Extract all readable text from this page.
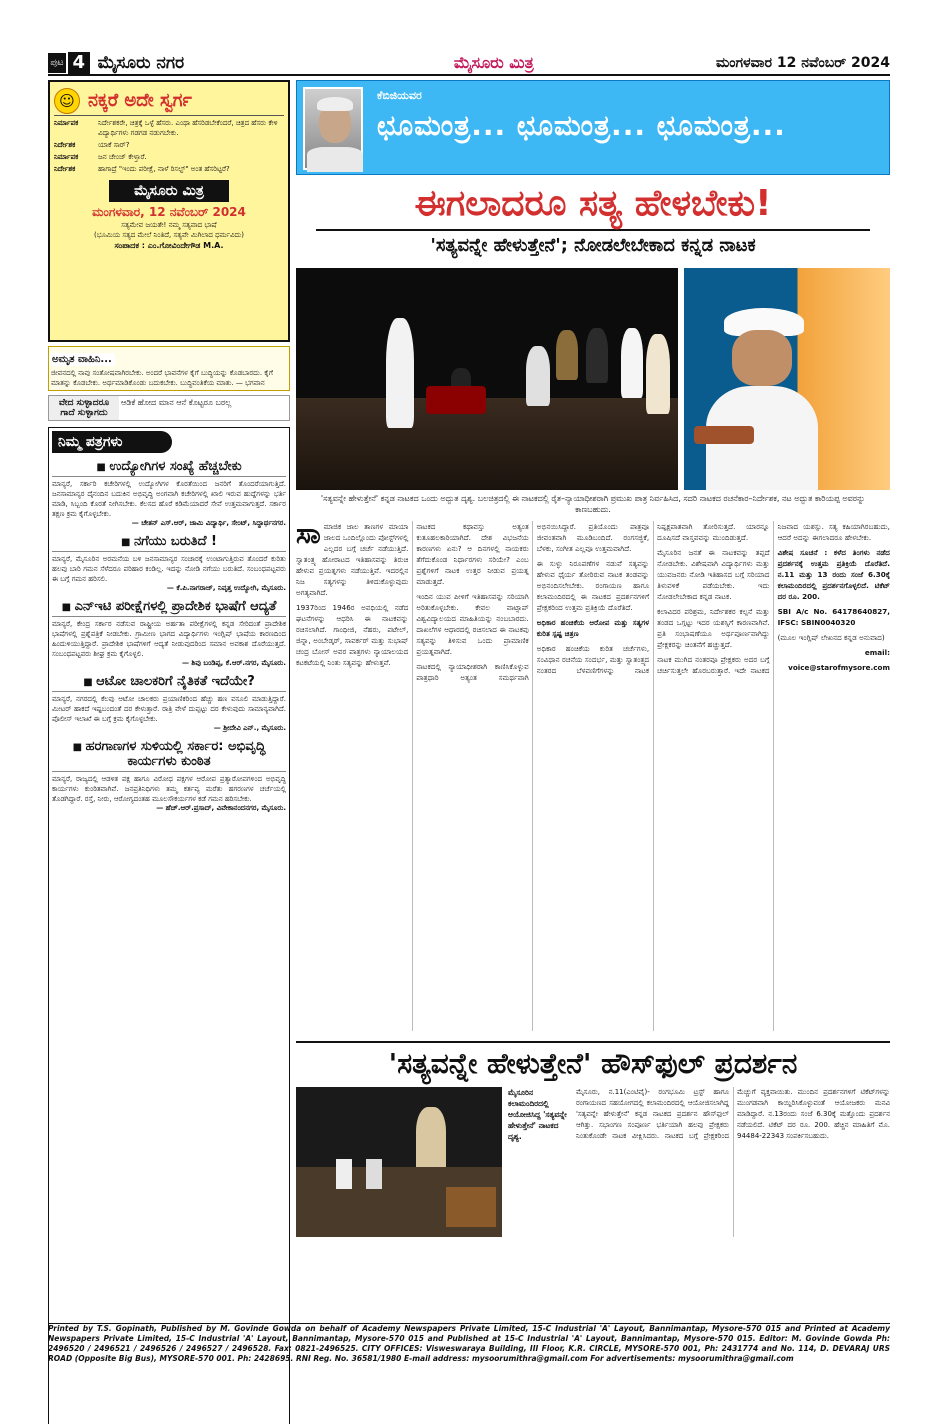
ಪುಟ 4 ಮೈಸೂರು ನಗರ	ಮೈಸೂರು ಮಿತ್ರ	ಮಂಗಳವಾರ 12 ನವೆಂಬರ್ 2024
☺ ನಕ್ಕರೆ ಅದೇ ಸ್ವರ್ಗ
ನಿರ್ಮಾಪಕ	ನಿರ್ದೇಶಕರೇ, ಚಿತ್ರಕ್ಕೆ ಒಳ್ಳೆ ಹೆಸರು. ಎಂಥಾ ಹೆಸರಿಡಬೇಕೆಂದರೆ, ಚಿತ್ರದ ಹೆಸರು ಕೇಳಿ ವಿದ್ಯಾರ್ಥಿಗಳು ಗಡಗಡ ನಡುಗಬೇಕು.
ನಿರ್ದೇಶಕ	ಯಾಕೆ ಸಾರ್?
ನಿರ್ಮಾಪಕ	ಜನ ಚೇಂಜ್ ಕೇಳ್ತಾರೆ.
ನಿರ್ದೇಶಕ	ಹಾಗಾದ್ರೆ "ಇಂದು ಪರೀಕ್ಷೆ, ನಾಳೆ ರಿಸಲ್ಟ್" ಅಂತ ಹೆಸರಿಟ್ಟರೆ?
ಮೈಸೂರು ಮಿತ್ರ
ಮಂಗಳವಾರ, 12 ನವೆಂಬರ್ 2024
ಸತ್ಯಮೇವ ಜಯತೇ! ನಮ್ಮ ಸತ್ಯವಾದ ಭಾಷೆ
(ಭೂಮಿಯ ಸತ್ಯದ ಮೇಲೆ ನಿಂತಿದೆ, ಸತ್ಯವೇ ಮಿಗಿಲಾದ ಧರ್ಮವಿದು)
ಸಂಪಾದಕ : ಎಂ.ಗೋವಿಂದೇಗೌಡ M.A.
ಅಮೃತ ವಾಹಿನಿ...
ಜೀವನದಲ್ಲಿ ನಾವು ಸಂತೋಷವಾಗಿರಬೇಕು. ಅಂದರೆ ಭಾವನೆಗಳ ಕೈಗೆ ಬುದ್ಧಿಯನ್ನು ಕೊಡಬಾರದು. ಕೈಗೆ ಮಾತನ್ನು ಕೊಡಬೇಕು. ಅರ್ಥಮಾಡಿಕೊಂಡು ಬದುಕಬೇಕು. ಬುದ್ಧಿವಂತಿಕೆಯ ಮಾತು. — ಭಗವಾನ
ವೇದ ಸುಳ್ಳಾದರೂ ಗಾದೆ ಸುಳ್ಳಾಗದು
ಆಡಿಕೆ ಹೋದ ಮಾನ ಆನೆ ಕೊಟ್ಟರೂ ಬರಲ್ಲ
ನಿಮ್ಮ ಪತ್ರಗಳು
■ ಉದ್ಯೋಗಿಗಳ ಸಂಖ್ಯೆ ಹೆಚ್ಚಬೇಕು
ಮಾನ್ಯರೆ, ಸರ್ಕಾರಿ ಕಚೇರಿಗಳಲ್ಲಿ ಉದ್ಯೋಗಿಗಳ ಕೊರತೆಯಿಂದ ಜನರಿಗೆ ತೊಂದರೆಯಾಗುತ್ತಿದೆ. ಜನಸಾಮಾನ್ಯರ ದೈನಂದಿನ ಬದುಕಿನ ಅಭಿವೃದ್ಧಿ ಅಂಗವಾಗಿ ಕಚೇರಿಗಳಲ್ಲಿ ಖಾಲಿ ಇರುವ ಹುದ್ದೆಗಳನ್ನು ಭರ್ತಿ ಮಾಡಿ, ಸಿಬ್ಬಂದಿ ಕೊರತೆ ನೀಗಿಸಬೇಕು. ಕೆಲಸದ ಹೊರೆ ಕಡಿಮೆಯಾದರೆ ಸೇವೆ ಉತ್ತಮವಾಗುತ್ತದೆ. ಸರ್ಕಾರ ತಕ್ಷಣ ಕ್ರಮ ಕೈಗೊಳ್ಳಬೇಕು.
— ಚೇತನ್ ಎಸ್.ಆರ್, ಜಾಮಿ ವಿದ್ಯಾರ್ಥಿ, ಸೇಂಟ್, ಸಿದ್ಧಾರ್ಥನಗರ.
■ ನಗೆಯು ಬರುತಿದೆ !
ಮಾನ್ಯರೆ, ಮೈಸೂರಿನ ಅರಮನೆಯ ಬಳಿ ಜನಸಾಮಾನ್ಯರ ಸಂಚಾರಕ್ಕೆ ಉಂಟಾಗುತ್ತಿರುವ ತೊಂದರೆ ಕುರಿತು ಹಲವು ಬಾರಿ ಗಮನ ಸೆಳೆದರೂ ಪರಿಹಾರ ಕಂಡಿಲ್ಲ. ಇದನ್ನು ನೋಡಿ ನಗೆಯು ಬರುತಿದೆ. ಸಂಬಂಧಪಟ್ಟವರು ಈ ಬಗ್ಗೆ ಗಮನ ಹರಿಸಲಿ.
— ಕೆ.ಪಿ.ನಾಗರಾಜ್, ನಿವೃತ್ತ ಉದ್ಯೋಗಿ, ಮೈಸೂರು.
■ ಎನ್‌ಇಟಿ ಪರೀಕ್ಷೆಗಳಲ್ಲಿ ಪ್ರಾದೇಶಿಕ ಭಾಷೆಗೆ ಆದ್ಯತೆ
ಮಾನ್ಯರೆ, ಕೇಂದ್ರ ಸರ್ಕಾರ ನಡೆಸುವ ರಾಷ್ಟ್ರೀಯ ಅರ್ಹತಾ ಪರೀಕ್ಷೆಗಳಲ್ಲಿ ಕನ್ನಡ ಸೇರಿದಂತೆ ಪ್ರಾದೇಶಿಕ ಭಾಷೆಗಳಲ್ಲಿ ಪ್ರಶ್ನೆಪತ್ರಿಕೆ ನೀಡಬೇಕು. ಗ್ರಾಮೀಣ ಭಾಗದ ವಿದ್ಯಾರ್ಥಿಗಳು ಇಂಗ್ಲಿಷ್ ಭಾಷೆಯ ಕಾರಣದಿಂದ ಹಿಂದುಳಿಯುತ್ತಿದ್ದಾರೆ. ಪ್ರಾದೇಶಿಕ ಭಾಷೆಗಳಿಗೆ ಆದ್ಯತೆ ನೀಡುವುದರಿಂದ ಸಮಾನ ಅವಕಾಶ ದೊರೆಯುತ್ತದೆ. ಸಂಬಂಧಪಟ್ಟವರು ಶೀಘ್ರ ಕ್ರಮ ಕೈಗೊಳ್ಳಲಿ.
— ಶಿವು ಬಂಡಿಪ್ಪ, ಕೆ.ಆರ್.ನಗರ, ಮೈಸೂರು.
■ ಆಟೋ ಚಾಲಕರಿಗೆ ನೈತಿಕತೆ ಇದೆಯೇ?
ಮಾನ್ಯರೆ, ನಗರದಲ್ಲಿ ಕೆಲವು ಆಟೋ ಚಾಲಕರು ಪ್ರಯಾಣಿಕರಿಂದ ಹೆಚ್ಚು ಹಣ ವಸೂಲಿ ಮಾಡುತ್ತಿದ್ದಾರೆ. ಮೀಟರ್ ಹಾಕದೆ ಇಷ್ಟಬಂದಂತೆ ದರ ಕೇಳುತ್ತಾರೆ. ರಾತ್ರಿ ವೇಳೆ ದುಪ್ಪಟ್ಟು ದರ ಕೇಳುವುದು ಸಾಮಾನ್ಯವಾಗಿದೆ. ಪೊಲೀಸ್ ಇಲಾಖೆ ಈ ಬಗ್ಗೆ ಕ್ರಮ ಕೈಗೊಳ್ಳಬೇಕು.
— ಶ್ರೀದೇವಿ ಎನ್., ಮೈಸೂರು.
■ ಹರಗಾಣಗಳ ಸುಳಿಯಲ್ಲಿ ಸರ್ಕಾರ: ಅಭಿವೃದ್ಧಿ ಕಾರ್ಯಗಳು ಕುಂಠಿತ
ಮಾನ್ಯರೆ, ರಾಜ್ಯದಲ್ಲಿ ಆಡಳಿತ ಪಕ್ಷ ಹಾಗೂ ವಿರೋಧ ಪಕ್ಷಗಳ ಆರೋಪ ಪ್ರತ್ಯಾರೋಪಗಳಿಂದ ಅಭಿವೃದ್ಧಿ ಕಾರ್ಯಗಳು ಕುಂಠಿತವಾಗಿವೆ. ಜನಪ್ರತಿನಿಧಿಗಳು ತಮ್ಮ ಕರ್ತವ್ಯ ಮರೆತು ಹಗರಣಗಳ ಚರ್ಚೆಯಲ್ಲಿ ತೊಡಗಿದ್ದಾರೆ. ರಸ್ತೆ, ನೀರು, ಆರೋಗ್ಯದಂತಹ ಮೂಲಸೌಕರ್ಯಗಳ ಕಡೆ ಗಮನ ಹರಿಸಬೇಕು.
— ಹೆಚ್.ಆರ್.ಪ್ರಸಾದ್, ವಿವೇಕಾನಂದನಗರ, ಮೈಸೂರು.
ಕೆಬಿಜಿಯವರ
ಛೂಮಂತ್ರ... ಛೂಮಂತ್ರ... ಛೂಮಂತ್ರ...
ಈಗಲಾದರೂ ಸತ್ಯ ಹೇಳಬೇಕು!
'ಸತ್ಯವನ್ನೇ ಹೇಳುತ್ತೇನೆ'; ನೋಡಲೇಬೇಕಾದ ಕನ್ನಡ ನಾಟಕ
'ಸತ್ಯವನ್ನೇ ಹೇಳುತ್ತೇನೆ' ಕನ್ನಡ ನಾಟಕದ ಒಂದು ಅದ್ಭುತ ದೃಶ್ಯ. ಬಲಚಿತ್ರದಲ್ಲಿ ಈ ನಾಟಕದಲ್ಲಿ ರೈತ–ನ್ಯಾಯಾಧೀಶರಾಗಿ ಪ್ರಮುಖ ಪಾತ್ರ ನಿರ್ವಹಿಸಿದ, ಸದರಿ ನಾಟಕದ ರಚನೆಕಾರ–ನಿರ್ದೇಶಕ, ನಟ ಅದ್ಭುತ ಕಾರಿಯಪ್ಪ ಅವರನ್ನು ಕಾಣಬಹುದು.

ಸಾಮಾಜಿಕ ಜಾಲ ತಾಣಗಳ ಮಾಯಾ ಜಾಲದ ಒಂದಿಲ್ಲೊಂದು ಪೋಸ್ಟ್‌ಗಳಲ್ಲಿ ಎಲ್ಲದರ ಬಗ್ಗೆ ಚರ್ಚೆ ನಡೆಯುತ್ತಿದೆ. ಸ್ವಾತಂತ್ರ್ಯ ಹೋರಾಟದ ಇತಿಹಾಸವನ್ನು ತಿರುಚಿ ಹೇಳುವ ಪ್ರಯತ್ನಗಳು ನಡೆಯುತ್ತಿವೆ. ಇದರಲ್ಲಿನ ನಿಜ ಸತ್ಯಗಳನ್ನು ತಿಳಿದುಕೊಳ್ಳುವುದು ಅಗತ್ಯವಾಗಿದೆ.

1937ರಿಂದ 1946ರ ಅವಧಿಯಲ್ಲಿ ನಡೆದ ಘಟನೆಗಳನ್ನು ಆಧರಿಸಿ ಈ ನಾಟಕವನ್ನು ರಚಿಸಲಾಗಿದೆ. ಗಾಂಧೀಜಿ, ನೆಹರು, ಪಟೇಲ್, ಜಿನ್ನಾ, ಅಂಬೇಡ್ಕರ್, ಸಾವರ್ಕರ್ ಮತ್ತು ಸುಭಾಷ್ ಚಂದ್ರ ಬೋಸ್ ಅವರ ಪಾತ್ರಗಳು ನ್ಯಾಯಾಲಯದ ಕಟಕಟೆಯಲ್ಲಿ ನಿಂತು ಸತ್ಯವನ್ನು ಹೇಳುತ್ತವೆ.

ನಾಟಕದ ಕಥಾವಸ್ತು ಅತ್ಯಂತ ಕುತೂಹಲಕಾರಿಯಾಗಿದೆ. ದೇಶ ವಿಭಜನೆಯ ಕಾರಣಗಳು ಏನು? ಆ ದಿನಗಳಲ್ಲಿ ನಾಯಕರು ತೆಗೆದುಕೊಂಡ ನಿರ್ಧಾರಗಳು ಸರಿಯೇ? ಎಂಬ ಪ್ರಶ್ನೆಗಳಿಗೆ ನಾಟಕ ಉತ್ತರ ನೀಡುವ ಪ್ರಯತ್ನ ಮಾಡುತ್ತದೆ.

ಇಂದಿನ ಯುವ ಪೀಳಿಗೆ ಇತಿಹಾಸವನ್ನು ಸರಿಯಾಗಿ ಅರಿತುಕೊಳ್ಳಬೇಕು. ಕೇವಲ ವಾಟ್ಸಾಪ್ ವಿಶ್ವವಿದ್ಯಾಲಯದ ಮಾಹಿತಿಯನ್ನು ನಂಬಬಾರದು. ದಾಖಲೆಗಳ ಆಧಾರದಲ್ಲಿ ರಚಿಸಲಾದ ಈ ನಾಟಕವು ಸತ್ಯವನ್ನು ತಿಳಿಸುವ ಒಂದು ಪ್ರಾಮಾಣಿಕ ಪ್ರಯತ್ನವಾಗಿದೆ.

ನಾಟಕದಲ್ಲಿ ನ್ಯಾಯಾಧೀಶರಾಗಿ ಕಾಣಿಸಿಕೊಳ್ಳುವ ಪಾತ್ರಧಾರಿ ಅತ್ಯಂತ ಸಮರ್ಥವಾಗಿ ಅಭಿನಯಿಸಿದ್ದಾರೆ. ಪ್ರತಿಯೊಂದು ಪಾತ್ರವೂ ಜೀವಂತವಾಗಿ ಮೂಡಿಬಂದಿದೆ. ರಂಗಸಜ್ಜಿಕೆ, ಬೆಳಕು, ಸಂಗೀತ ಎಲ್ಲವೂ ಉತ್ತಮವಾಗಿದೆ.

ಈ ಸುಳ್ಳು ನಿರೂಪಣೆಗಳ ನಡುವೆ ಸತ್ಯವನ್ನು ಹೇಳುವ ಧೈರ್ಯ ತೋರಿರುವ ನಾಟಕ ತಂಡವನ್ನು ಅಭಿನಂದಿಸಲೇಬೇಕು. ರಂಗಾಯಣ ಹಾಗೂ ಕಲಾಮಂದಿರದಲ್ಲಿ ಈ ನಾಟಕದ ಪ್ರದರ್ಶನಗಳಿಗೆ ಪ್ರೇಕ್ಷಕರಿಂದ ಉತ್ತಮ ಪ್ರತಿಕ್ರಿಯೆ ದೊರೆತಿದೆ.

ಅಧಿಕಾರ ಹಂಚಿಕೆಯ ಆರೋಪ ಮತ್ತು ಸತ್ಯಗಳ ಕುರಿತ ಸ್ಪಷ್ಟ ಚಿತ್ರಣ

ಅಧಿಕಾರ ಹಂಚಿಕೆಯ ಕುರಿತ ಚರ್ಚೆಗಳು, ಸಂವಿಧಾನ ರಚನೆಯ ಸಂದರ್ಭ, ಮತ್ತು ಸ್ವಾತಂತ್ರ್ಯದ ನಂತರದ ಬೆಳವಣಿಗೆಗಳನ್ನು ನಾಟಕ ನಿಷ್ಪಕ್ಷಪಾತವಾಗಿ ತೋರಿಸುತ್ತದೆ. ಯಾರನ್ನೂ ದೂಷಿಸದೆ ವಾಸ್ತವವನ್ನು ಮುಂದಿಡುತ್ತದೆ.

ಮೈಸೂರಿನ ಜನತೆ ಈ ನಾಟಕವನ್ನು ತಪ್ಪದೆ ನೋಡಬೇಕು. ವಿಶೇಷವಾಗಿ ವಿದ್ಯಾರ್ಥಿಗಳು ಮತ್ತು ಯುವಜನರು ನೋಡಿ ಇತಿಹಾಸದ ಬಗ್ಗೆ ಸರಿಯಾದ ತಿಳುವಳಿಕೆ ಪಡೆಯಬೇಕು. ಇದು ನೋಡಲೇಬೇಕಾದ ಕನ್ನಡ ನಾಟಕ.

ಕಲಾವಿದರ ಪರಿಶ್ರಮ, ನಿರ್ದೇಶಕರ ಕಲ್ಪನೆ ಮತ್ತು ತಂಡದ ಒಗ್ಗಟ್ಟು ಇದರ ಯಶಸ್ಸಿಗೆ ಕಾರಣವಾಗಿವೆ. ಪ್ರತಿ ಸಂಭಾಷಣೆಯೂ ಅರ್ಥಪೂರ್ಣವಾಗಿದ್ದು ಪ್ರೇಕ್ಷಕರನ್ನು ಚಿಂತನೆಗೆ ಹಚ್ಚುತ್ತದೆ.

ನಾಟಕ ಮುಗಿದ ನಂತರವೂ ಪ್ರೇಕ್ಷಕರು ಅದರ ಬಗ್ಗೆ ಚರ್ಚಿಸುತ್ತಲೇ ಹೊರಬರುತ್ತಾರೆ. ಇದೇ ನಾಟಕದ ನಿಜವಾದ ಯಶಸ್ಸು. ಸತ್ಯ ಕಹಿಯಾಗಿರಬಹುದು, ಆದರೆ ಅದನ್ನು ಈಗಲಾದರೂ ಹೇಳಬೇಕು.

ವಿಶೇಷ ಸೂಚನೆ : ಕಳೆದ ತಿಂಗಳು ನಡೆದ ಪ್ರದರ್ಶನಕ್ಕೆ ಉತ್ತಮ ಪ್ರತಿಕ್ರಿಯೆ ದೊರೆತಿದೆ. ನ.11 ಮತ್ತು 13 ರಂದು ಸಂಜೆ 6.30ಕ್ಕೆ ಕಲಾಮಂದಿರದಲ್ಲಿ ಪ್ರದರ್ಶನಗೊಳ್ಳಲಿದೆ. ಟಿಕೆಟ್ ದರ ರೂ. 200.

SBI A/c No. 64178640827, IFSC: SBIN0040320

(ಮೂಲ ಇಂಗ್ಲಿಷ್ ಲೇಖನದ ಕನ್ನಡ ಅನುವಾದ)

email:

voice@starofmysore.com

'ಸತ್ಯವನ್ನೇ ಹೇಳುತ್ತೇನೆ' ಹೌಸ್‌ಫುಲ್ ಪ್ರದರ್ಶನ
ಮೈಸೂರಿನ ಕಲಾಮಂದಿರದಲ್ಲಿ ಆಯೋಜಿಸಿದ್ದ 'ಸತ್ಯವನ್ನೇ ಹೇಳುತ್ತೇನೆ' ನಾಟಕದ ದೃಶ್ಯ.
ಮೈಸೂರು, ನ.11(ಎಂಟಿವೈ)- ರಂಗಭೂಮಿ ಟ್ರಸ್ಟ್ ಹಾಗೂ ರಂಗಾಯಣದ ಸಹಯೋಗದಲ್ಲಿ ಕಲಾಮಂದಿರದಲ್ಲಿ ಆಯೋಜಿಸಲಾಗಿದ್ದ 'ಸತ್ಯವನ್ನೇ ಹೇಳುತ್ತೇನೆ' ಕನ್ನಡ ನಾಟಕದ ಪ್ರದರ್ಶನ ಹೌಸ್‌ಫುಲ್ ಆಗಿತ್ತು. ಸಭಾಂಗಣ ಸಂಪೂರ್ಣ ಭರ್ತಿಯಾಗಿ ಹಲವು ಪ್ರೇಕ್ಷಕರು ನಿಂತುಕೊಂಡೇ ನಾಟಕ ವೀಕ್ಷಿಸಿದರು. ನಾಟಕದ ಬಗ್ಗೆ ಪ್ರೇಕ್ಷಕರಿಂದ ಮೆಚ್ಚುಗೆ ವ್ಯಕ್ತವಾಯಿತು. ಮುಂದಿನ ಪ್ರದರ್ಶನಗಳಿಗೆ ಟಿಕೆಟ್‌ಗಳನ್ನು ಮುಂಗಡವಾಗಿ ಕಾಯ್ದಿರಿಸಿಕೊಳ್ಳುವಂತೆ ಆಯೋಜಕರು ಮನವಿ ಮಾಡಿದ್ದಾರೆ. ನ.13ರಂದು ಸಂಜೆ 6.30ಕ್ಕೆ ಮತ್ತೊಂದು ಪ್ರದರ್ಶನ ನಡೆಯಲಿದೆ. ಟಿಕೆಟ್ ದರ ರೂ. 200. ಹೆಚ್ಚಿನ ಮಾಹಿತಿಗೆ ಮೊ. 94484-22343 ಸಂಪರ್ಕಿಸಬಹುದು.
Printed by T.S. Gopinath, Published by M. Govinde Gowda on behalf of Academy Newspapers Private Limited, 15-C Industrial 'A' Layout, Bannimantap, Mysore-570 015 and Printed at Academy Newspapers Private Limited, 15-C Industrial 'A' Layout, Bannimantap, Mysore-570 015 and Published at 15-C Industrial 'A' Layout, Bannimantap, Mysore-570 015. Editor: M. Govinde Gowda Ph: 2496520 / 2496521 / 2496526 / 2496527 / 2496528. Fax: 0821-2496525. CITY OFFICES: Visweswaraya Building, III Floor, K.R. CIRCLE, MYSORE-570 001, Ph: 2431774 and No. 114, D. DEVARAJ URS ROAD (Opposite Big Bus), MYSORE-570 001. Ph: 2428695. RNI Reg. No. 36581/1980 E-mail address: mysoorumithra@gmail.com For advertisements: mysoorumithra@gmail.com
